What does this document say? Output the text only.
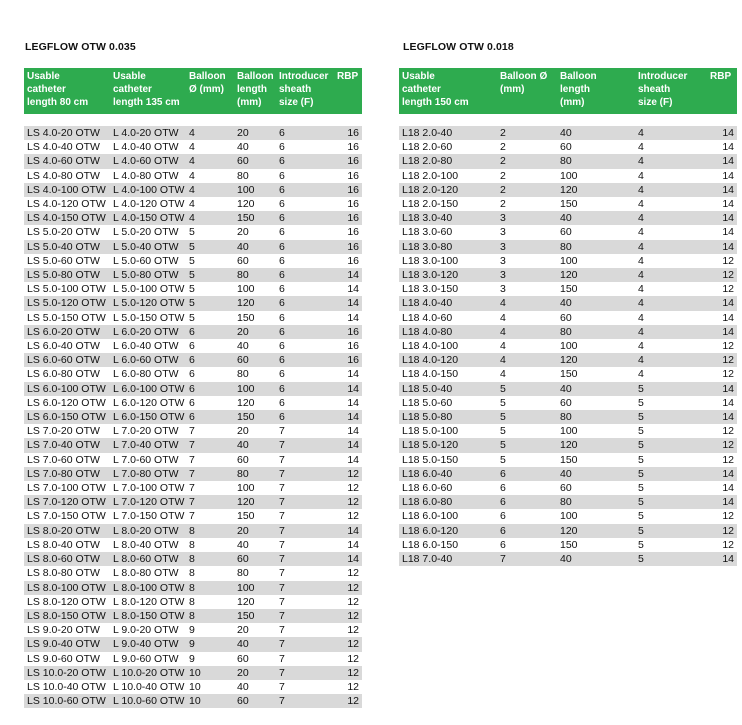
LEGFLOW OTW 0.035
Usable
catheter
length 80 cm	Usable
catheter
length 135 cm	Balloon
Ø (mm)	Balloon
length
(mm)	Introducer
sheath
size (F)	RBP

LS 4.0-20 OTW	L 4.0-20 OTW	4	20	6	16
LS 4.0-40 OTW	L 4.0-40 OTW	4	40	6	16
LS 4.0-60 OTW	L 4.0-60 OTW	4	60	6	16
LS 4.0-80 OTW	L 4.0-80 OTW	4	80	6	16
LS 4.0-100 OTW	L 4.0-100 OTW	4	100	6	16
LS 4.0-120 OTW	L 4.0-120 OTW	4	120	6	16
LS 4.0-150 OTW	L 4.0-150 OTW	4	150	6	16
LS 5.0-20 OTW	L 5.0-20 OTW	5	20	6	16
LS 5.0-40 OTW	L 5.0-40 OTW	5	40	6	16
LS 5.0-60 OTW	L 5.0-60 OTW	5	60	6	16
LS 5.0-80 OTW	L 5.0-80 OTW	5	80	6	14
LS 5.0-100 OTW	L 5.0-100 OTW	5	100	6	14
LS 5.0-120 OTW	L 5.0-120 OTW	5	120	6	14
LS 5.0-150 OTW	L 5.0-150 OTW	5	150	6	14
LS 6.0-20 OTW	L 6.0-20 OTW	6	20	6	16
LS 6.0-40 OTW	L 6.0-40 OTW	6	40	6	16
LS 6.0-60 OTW	L 6.0-60 OTW	6	60	6	16
LS 6.0-80 OTW	L 6.0-80 OTW	6	80	6	14
LS 6.0-100 OTW	L 6.0-100 OTW	6	100	6	14
LS 6.0-120 OTW	L 6.0-120 OTW	6	120	6	14
LS 6.0-150 OTW	L 6.0-150 OTW	6	150	6	14
LS 7.0-20 OTW	L 7.0-20 OTW	7	20	7	14
LS 7.0-40 OTW	L 7.0-40 OTW	7	40	7	14
LS 7.0-60 OTW	L 7.0-60 OTW	7	60	7	14
LS 7.0-80 OTW	L 7.0-80 OTW	7	80	7	12
LS 7.0-100 OTW	L 7.0-100 OTW	7	100	7	12
LS 7.0-120 OTW	L 7.0-120 OTW	7	120	7	12
LS 7.0-150 OTW	L 7.0-150 OTW	7	150	7	12
LS 8.0-20 OTW	L 8.0-20 OTW	8	20	7	14
LS 8.0-40 OTW	L 8.0-40 OTW	8	40	7	14
LS 8.0-60 OTW	L 8.0-60 OTW	8	60	7	14
LS 8.0-80 OTW	L 8.0-80 OTW	8	80	7	12
LS 8.0-100 OTW	L 8.0-100 OTW	8	100	7	12
LS 8.0-120 OTW	L 8.0-120 OTW	8	120	7	12
LS 8.0-150 OTW	L 8.0-150 OTW	8	150	7	12
LS 9.0-20 OTW	L 9.0-20 OTW	9	20	7	12
LS 9.0-40 OTW	L 9.0-40 OTW	9	40	7	12
LS 9.0-60 OTW	L 9.0-60 OTW	9	60	7	12
LS 10.0-20 OTW	L 10.0-20 OTW	10	20	7	12
LS 10.0-40 OTW	L 10.0-40 OTW	10	40	7	12
LS 10.0-60 OTW	L 10.0-60 OTW	10	60	7	12
LEGFLOW OTW 0.018
Usable
catheter
length 150 cm	Balloon Ø
(mm)	Balloon
length
(mm)	Introducer
sheath
size (F)	RBP

L18 2.0-40	2	40	4	14
L18 2.0-60	2	60	4	14
L18 2.0-80	2	80	4	14
L18 2.0-100	2	100	4	14
L18 2.0-120	2	120	4	14
L18 2.0-150	2	150	4	14
L18 3.0-40	3	40	4	14
L18 3.0-60	3	60	4	14
L18 3.0-80	3	80	4	14
L18 3.0-100	3	100	4	12
L18 3.0-120	3	120	4	12
L18 3.0-150	3	150	4	12
L18 4.0-40	4	40	4	14
L18 4.0-60	4	60	4	14
L18 4.0-80	4	80	4	14
L18 4.0-100	4	100	4	12
L18 4.0-120	4	120	4	12
L18 4.0-150	4	150	4	12
L18 5.0-40	5	40	5	14
L18 5.0-60	5	60	5	14
L18 5.0-80	5	80	5	14
L18 5.0-100	5	100	5	12
L18 5.0-120	5	120	5	12
L18 5.0-150	5	150	5	12
L18 6.0-40	6	40	5	14
L18 6.0-60	6	60	5	14
L18 6.0-80	6	80	5	14
L18 6.0-100	6	100	5	12
L18 6.0-120	6	120	5	12
L18 6.0-150	6	150	5	12
L18 7.0-40	7	40	5	14
